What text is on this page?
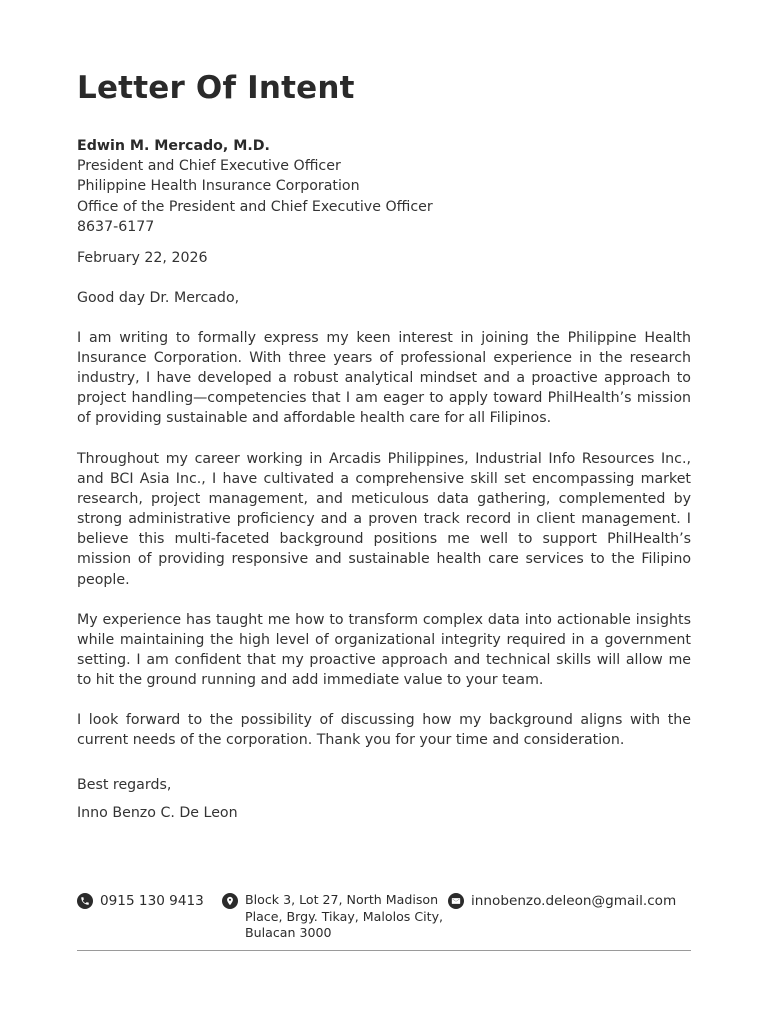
Letter Of Intent
Edwin M. Mercado, M.D.
President and Chief Executive Officer
Philippine Health Insurance Corporation
Office of the President and Chief Executive Officer
8637-6177
February 22, 2026
Good day Dr. Mercado,

I am writing to formally express my keen interest in joining the Philippine Health Insurance Corporation. With three years of professional experience in the research industry, I have developed a robust analytical mindset and a proactive approach to project handling—competencies that I am eager to apply toward PhilHealth’s mission of providing sustainable and affordable health care for all Filipinos.

Throughout my career working in Arcadis Philippines, Industrial Info Resources Inc., and BCI Asia Inc., I have cultivated a comprehensive skill set encompassing market research, project management, and meticulous data gathering, complemented by strong administrative proficiency and a proven track record in client management. I believe this multi-faceted background positions me well to support PhilHealth’s mission of providing responsive and sustainable health care services to the Filipino people.

My experience has taught me how to transform complex data into actionable insights while maintaining the high level of organizational integrity required in a government setting. I am confident that my proactive approach and technical skills will allow me to hit the ground running and add immediate value to your team.

I look forward to the possibility of discussing how my background aligns with the current needs of the corporation. Thank you for your time and consideration.

Best regards,
Inno Benzo C. De Leon
0915 130 9413	Block 3, Lot 27, North Madison
Place, Brgy. Tikay, Malolos City,
Bulacan 3000
innobenzo.deleon@gmail.com
